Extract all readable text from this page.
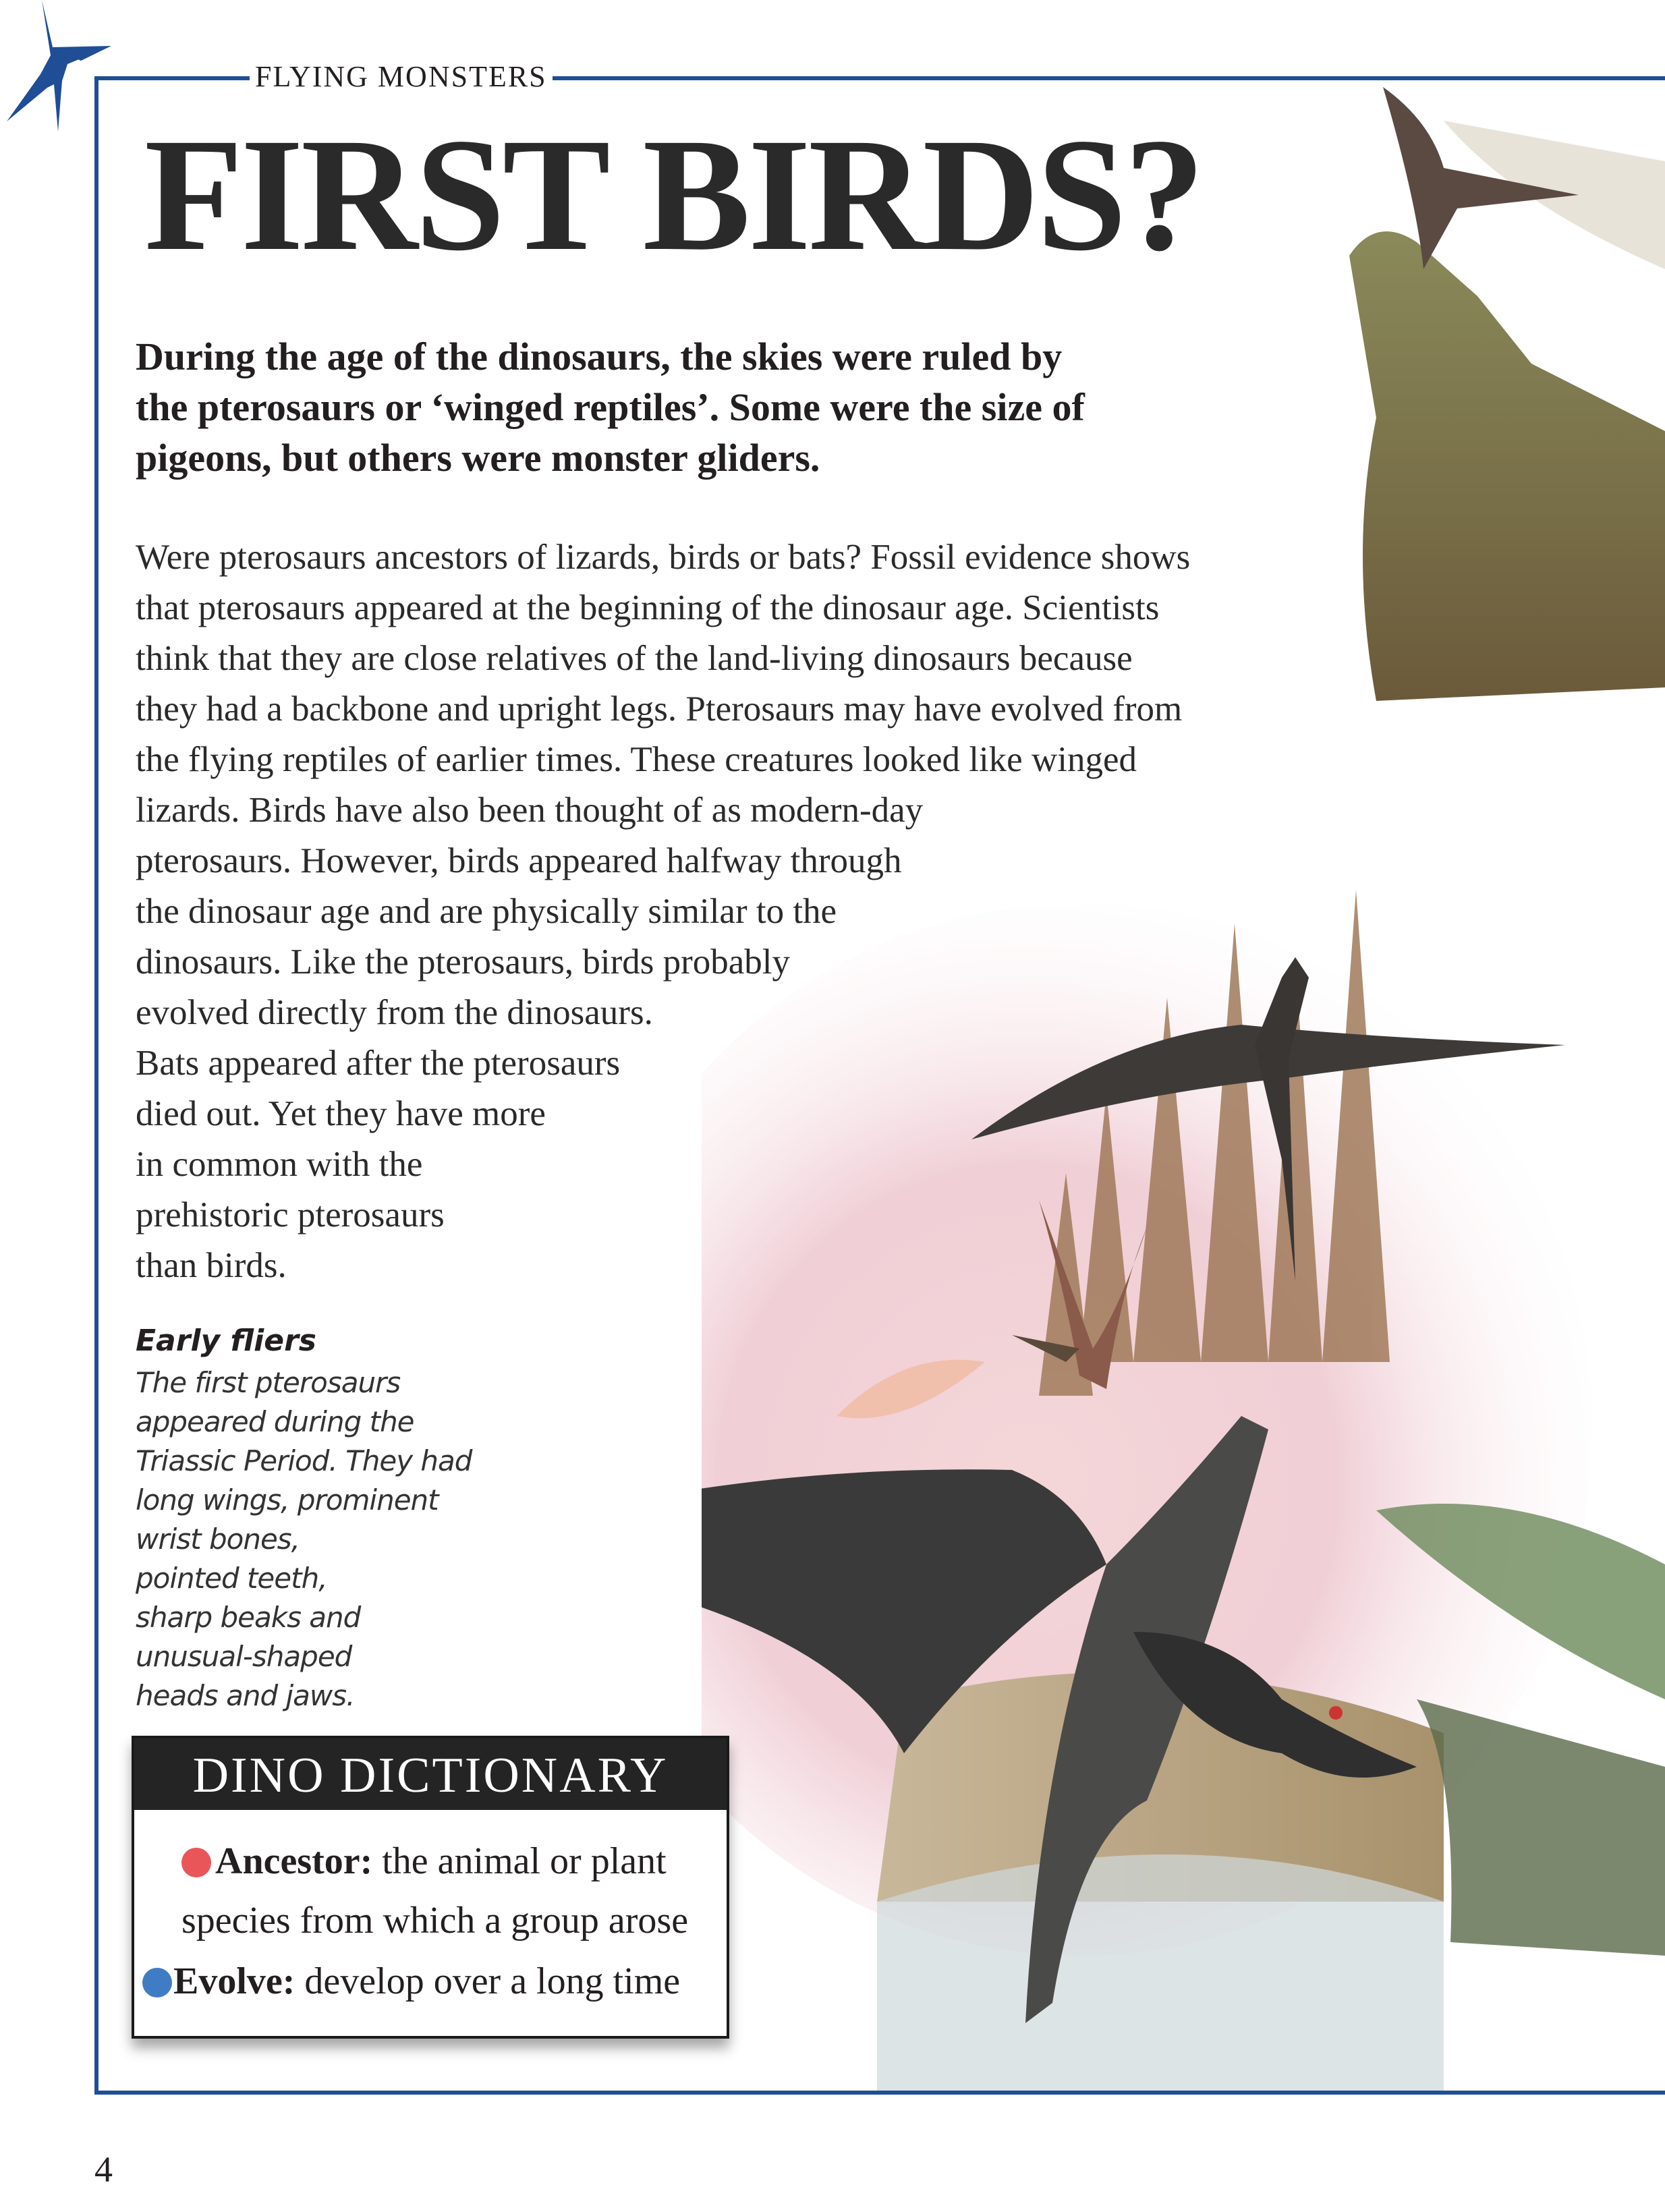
FLYING MONSTERS
FIRST BIRDS?
During the age of the dinosaurs, the skies were ruled by
the pterosaurs or ‘winged reptiles’. Some were the size of
pigeons, but others were monster gliders.
Were pterosaurs ancestors of lizards, birds or bats? Fossil evidence shows
that pterosaurs appeared at the beginning of the dinosaur age. Scientists
think that they are close relatives of the land-living dinosaurs because
they had a backbone and upright legs. Pterosaurs may have evolved from
the flying reptiles of earlier times. These creatures looked like winged
lizards. Birds have also been thought of as modern-day
pterosaurs. However, birds appeared halfway through
the dinosaur age and are physically similar to the
dinosaurs. Like the pterosaurs, birds probably
evolved directly from the dinosaurs.
Bats appeared after the pterosaurs
died out. Yet they have more
in common with the
prehistoric pterosaurs
than birds.
Early fliers
The first pterosaurs
appeared during the
Triassic Period. They had
long wings, prominent
wrist bones,
pointed teeth,
sharp beaks and
unusual-shaped
heads and jaws.
DINO DICTIONARY
Ancestor: the animal or plant
species from which a group arose
Evolve: develop over a long time
4
